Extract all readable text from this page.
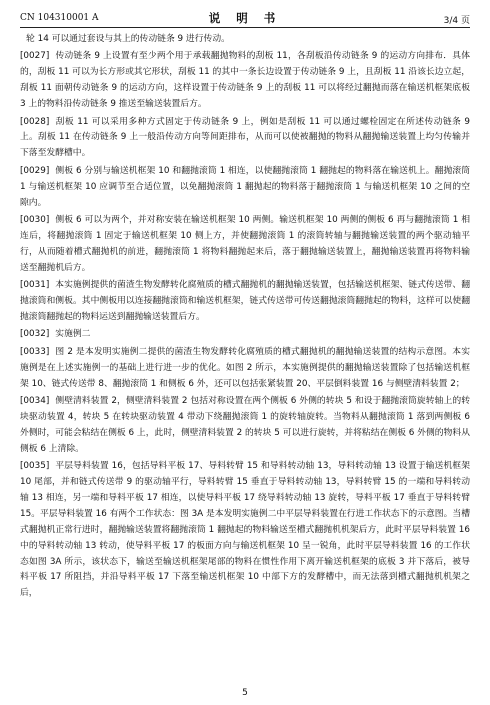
CN 104310001 A	说 明 书	3/4 页

轮 14 可以通过套设与其上的传动链条 9 进行传动。

[0027] 传动链条 9 上设置有至少两个用于承载翻抛物料的刮板 11，各刮板沿传动链条 9 的运动方向排布．具体的，刮板 11 可以为长方形或其它形状，刮板 11 的其中一条长边设置于传动链条 9 上，且刮板 11 沿该长边立起，刮板 11 面朝传动链条 9 的运动方向，这样设置于传动链条 9 上的刮板 11 可以将经过翻抛而落在输送机框架底板 3 上的物料沿传动链条 9 推送至输送装置后方。

[0028] 刮板 11 可以采用多种方式固定于传动链条 9 上，例如是刮板 11 可以通过螺栓固定在所述传动链条 9 上。刮板 11 在传动链条 9 上一般沿传动方向等间距排布，从而可以使被翻抛的物料从翻抛输送装置上均匀传输并下落至发酵槽中。

[0029] 侧板 6 分别与输送机框架 10 和翻抛滚筒 1 相连，以使翻抛滚筒 1 翻抛起的物料落在输送机上。翻抛滚筒 1 与输送机框架 10 应调节至合适位置，以免翻抛滚筒 1 翻抛起的物料落于翻抛滚筒 1 与输送机框架 10 之间的空隙内。

[0030] 侧板 6 可以为两个，并对称安装在输送机框架 10 两侧。输送机框架 10 两侧的侧板 6 再与翻抛滚筒 1 相连后，将翻抛滚筒 1 固定于输送机框架 10 侧上方，并使翻抛滚筒 1 的滚筒转轴与翻抛输送装置的两个驱动轴平行，从而随着槽式翻抛机的前进，翻抛滚筒 1 将物料翻抛起来后，落于翻抛输送装置上，翻抛输送装置再将物料输送至翻抛机后方。

[0031] 本实施例提供的菌渣生物发酵转化腐殖质的槽式翻抛机的翻抛输送装置，包括输送机框架、链式传送带、翻抛滚筒和侧板。其中侧板用以连接翻抛滚筒和输送机框架，链式传送带可传送翻抛滚筒翻抛起的物料，这样可以使翻抛滚筒翻抛起的物料运送到翻抛输送装置后方。

[0032] 实施例二

[0033] 图 2 是本发明实施例二提供的菌渣生物发酵转化腐殖质的槽式翻抛机的翻抛输送装置的结构示意图。本实施例是在上述实施例一的基础上进行进一步的优化。如图 2 所示，本实施例提供的翻抛输送装置除了包括输送机框架 10、链式传送带 8、翻抛滚筒 1 和侧板 6 外，还可以包括张紧装置 20、平层倒料装置 16 与侧壁清料装置 2；

[0034] 侧壁清料装置 2，侧壁清料装置 2 包括对称设置在两个侧板 6 外侧的转块 5 和设于翻抛滚筒旋转轴上的转块驱动装置 4，转块 5 在转块驱动装置 4 带动下绕翻抛滚筒 1 的旋转轴旋转。当物料从翻抛滚筒 1 落到两侧板 6 外侧时，可能会粘结在侧板 6 上，此时，侧壁清料装置 2 的转块 5 可以进行旋转，并将粘结在侧板 6 外侧的物料从侧板 6 上清除。

[0035] 平层导料装置 16，包括导料平板 17、导料转臂 15 和导料转动轴 13，导料转动轴 13 设置于输送机框架 10 尾部，并和链式传送带 9 的驱动轴平行，导料转臂 15 垂直于导料转动轴 13，导料转臂 15 的一端和导料转动轴 13 相连，另一端和导料平板 17 相连，以使导料平板 17 绕导料转动轴 13 旋转，导料平板 17 垂直于导料转臂 15。平层导料装置 16 有两个工作状态：图 3A 是本发明实施例二中平层导料装置在行进工作状态下的示意图。当槽式翻抛机正常行进时，翻抛输送装置将翻抛滚筒 1 翻抛起的物料输送至槽式翻抛机机架后方，此时平层导料装置 16 中的导料转动轴 13 转动，使导料平板 17 的板面方向与输送机框架 10 呈一锐角，此时平层导料装置 16 的工作状态如图 3A 所示，该状态下，输送至输送机框架尾部的物料在惯性作用下离开输送机框架的底板 3 并下落后，被导料平板 17 所阻挡，并沿导料平板 17 下落至输送机框架 10 中部下方的发酵槽中，而无法落到槽式翻抛机机架之后，

5
